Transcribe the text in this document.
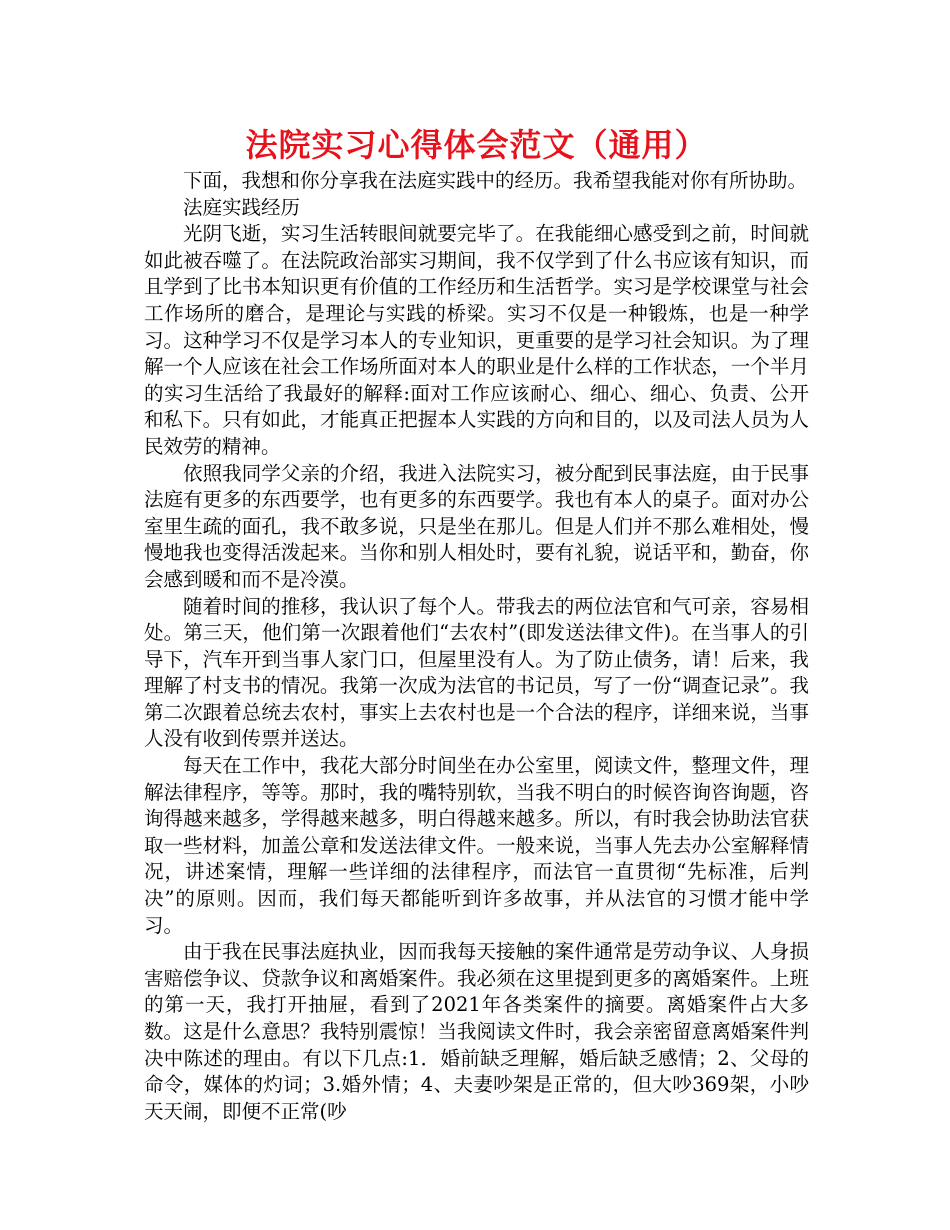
法院实习心得体会范文（通用）

下面，我想和你分享我在法庭实践中的经历。我希望我能对你有所协助。

法庭实践经历

光阴飞逝，实习生活转眼间就要完毕了。在我能细心感受到之前，时间就如此被吞噬了。在法院政治部实习期间，我不仅学到了什么书应该有知识，而且学到了比书本知识更有价值的工作经历和生活哲学。实习是学校课堂与社会工作场所的磨合，是理论与实践的桥梁。实习不仅是一种锻炼，也是一种学习。这种学习不仅是学习本人的专业知识，更重要的是学习社会知识。为了理解一个人应该在社会工作场所面对本人的职业是什么样的工作状态，一个半月的实习生活给了我最好的解释:面对工作应该耐心、细心、细心、负责、公开和私下。只有如此，才能真正把握本人实践的方向和目的，以及司法人员为人民效劳的精神。

依照我同学父亲的介绍，我进入法院实习，被分配到民事法庭，由于民事法庭有更多的东西要学，也有更多的东西要学。我也有本人的桌子。面对办公室里生疏的面孔，我不敢多说，只是坐在那儿。但是人们并不那么难相处，慢慢地我也变得活泼起来。当你和别人相处时，要有礼貌，说话平和，勤奋，你会感到暖和而不是冷漠。

随着时间的推移，我认识了每个人。带我去的两位法官和气可亲，容易相处。第三天，他们第一次跟着他们“去农村”(即发送法律文件)。在当事人的引导下，汽车开到当事人家门口，但屋里没有人。为了防止债务，请！后来，我理解了村支书的情况。我第一次成为法官的书记员，写了一份“调查记录”。我第二次跟着总统去农村，事实上去农村也是一个合法的程序，详细来说，当事人没有收到传票并送达。

每天在工作中，我花大部分时间坐在办公室里，阅读文件，整理文件，理解法律程序，等等。那时，我的嘴特别软，当我不明白的时候咨询咨询题，咨询得越来越多，学得越来越多，明白得越来越多。所以，有时我会协助法官获取一些材料，加盖公章和发送法律文件。一般来说，当事人先去办公室解释情况，讲述案情，理解一些详细的法律程序，而法官一直贯彻“先标准，后判决”的原则。因而，我们每天都能听到许多故事，并从法官的习惯才能中学习。

由于我在民事法庭执业，因而我每天接触的案件通常是劳动争议、人身损害赔偿争议、贷款争议和离婚案件。我必须在这里提到更多的离婚案件。上班的第一天，我打开抽屉，看到了2021年各类案件的摘要。离婚案件占大多数。这是什么意思？我特别震惊！当我阅读文件时，我会亲密留意离婚案件判决中陈述的理由。有以下几点:1．婚前缺乏理解，婚后缺乏感情；2、父母的命令，媒体的灼词；3.婚外情；4、夫妻吵架是正常的，但大吵369架，小吵天天闹，即便不正常(吵
